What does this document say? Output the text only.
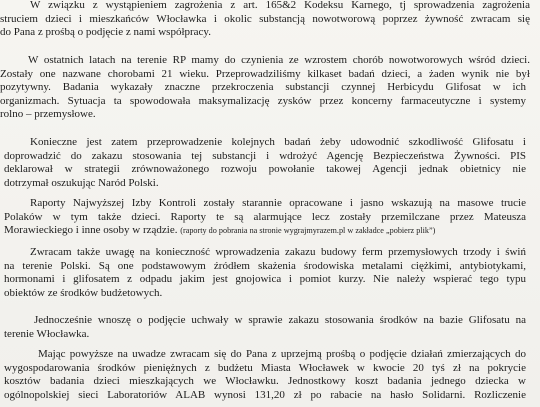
W związku z wystąpieniem zagrożenia z art. 165&2 Kodeksu Karnego, tj sprowadzenia zagrożenia
struciem dzieci i mieszkańców Włocławka i okolic substancją nowotworową poprzez żywność zwracam się
do Pana z prośbą o podjęcie z nami współpracy.
W ostatnich latach na terenie RP mamy do czynienia ze wzrostem chorób nowotworowych wśród dzieci.
Zostały one nazwane chorobami 21 wieku. Przeprowadziliśmy kilkaset badań dzieci, a żaden wynik nie był
pozytywny. Badania wykazały znaczne przekroczenia substancji czynnej Herbicydu Glifosat w ich
organizmach. Sytuacja ta spowodowała maksymalizację zysków przez koncerny farmaceutyczne i systemy
rolno – przemysłowe.
Konieczne jest zatem przeprowadzenie kolejnych badań żeby udowodnić szkodliwość Glifosatu i
doprowadzić do zakazu stosowania tej substancji i wdrożyć Agencję Bezpieczeństwa Żywności. PIS
deklarował w strategii zrównoważonego rozwoju powołanie takowej Agencji jednak obietnicy nie
dotrzymał oszukując Naród Polski.
Raporty Najwyższej Izby Kontroli zostały starannie opracowane i jasno wskazują na masowe trucie
Polaków w tym także dzieci. Raporty te są alarmujące lecz zostały przemilczane przez Mateusza
Morawieckiego i inne osoby w rządzie. (raporty do pobrania na stronie wygrajmyrazem.pl w zakładce „pobierz plik”)
Zwracam także uwagę na konieczność wprowadzenia zakazu budowy ferm przemysłowych trzody i świń
na terenie Polski. Są one podstawowym źródłem skażenia środowiska metalami ciężkimi, antybiotykami,
hormonami i glifosatem z odpadu jakim jest gnojowica i pomiot kurzy. Nie należy wspierać tego typu
obiektów ze środków budżetowych.
Jednocześnie wnoszę o podjęcie uchwały w sprawie zakazu stosowania środków na bazie Glifosatu na
terenie Włocławka.
Mając powyższe na uwadze zwracam się do Pana z uprzejmą prośbą o podjęcie działań zmierzających do
wygospodarowania środków pieniężnych z budżetu Miasta Włocławek w kwocie 20 tyś zł na pokrycie
kosztów badania dzieci mieszkających we Włocławku. Jednostkowy koszt badania jednego dziecka w
ogólnopolskiej sieci Laboratoriów ALAB wynosi 131,20 zł po rabacie na hasło Solidarni. Rozliczenie
